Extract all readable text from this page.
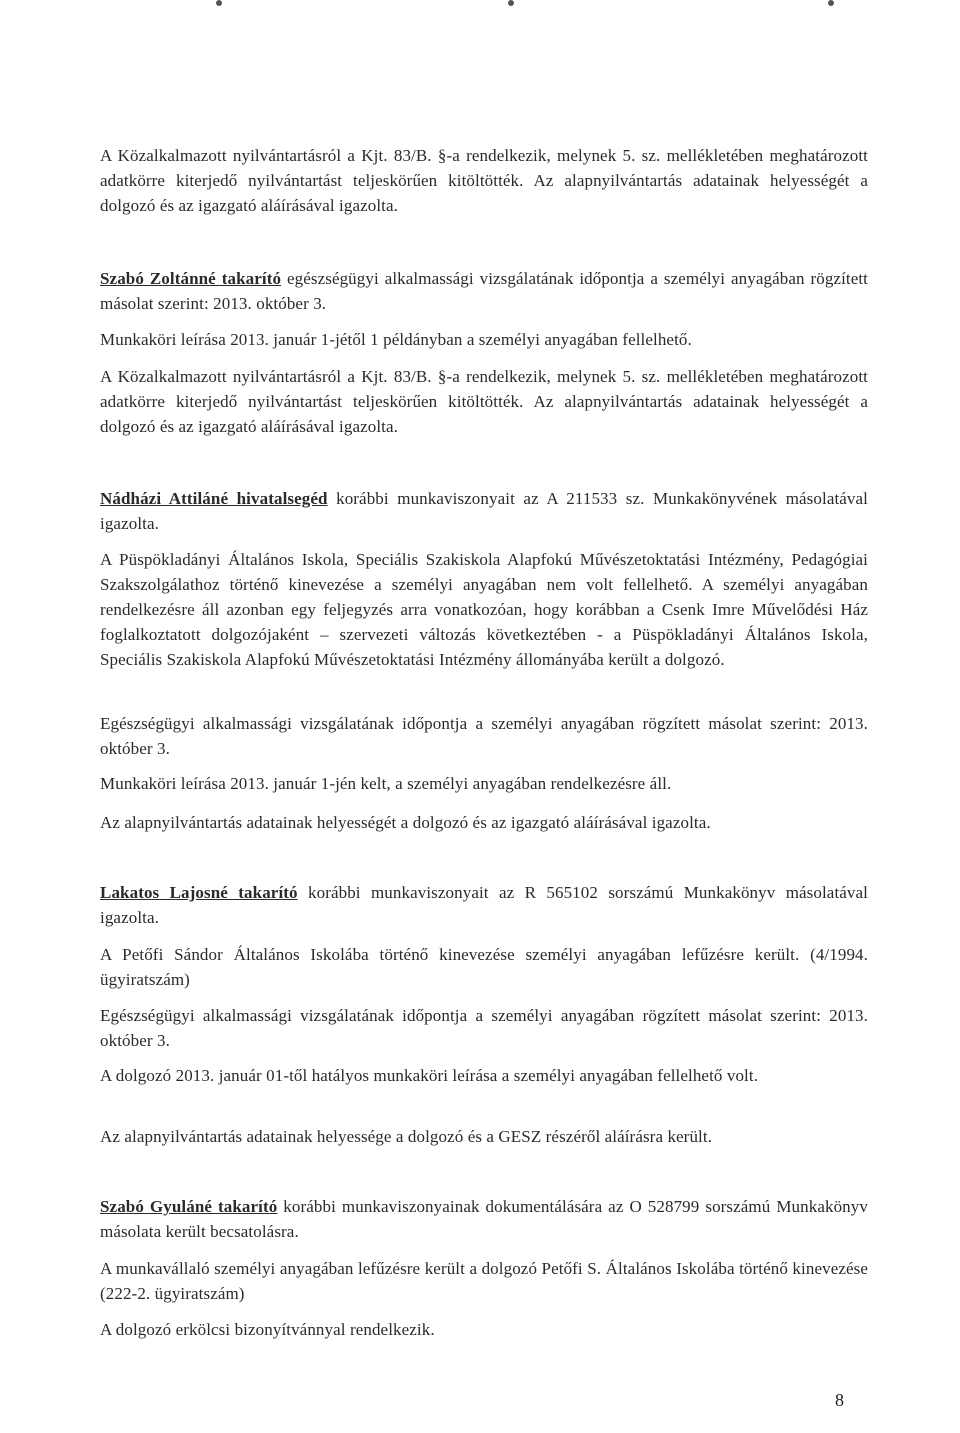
A Közalkalmazott nyilvántartásról a Kjt. 83/B. §-a rendelkezik, melynek 5. sz. mellékletében meghatározott adatkörre kiterjedő nyilvántartást teljeskörűen kitöltötték. Az alapnyilvántartás adatainak helyességét a dolgozó és az igazgató aláírásával igazolta.

Szabó Zoltánné takarító egészségügyi alkalmassági vizsgálatának időpontja a személyi anyagában rögzített másolat szerint: 2013. október 3.

Munkaköri leírása 2013. január 1-jétől 1 példányban a személyi anyagában fellelhető.

A Közalkalmazott nyilvántartásról a Kjt. 83/B. §-a rendelkezik, melynek 5. sz. mellékletében meghatározott adatkörre kiterjedő nyilvántartást teljeskörűen kitöltötték. Az alapnyilvántartás adatainak helyességét a dolgozó és az igazgató aláírásával igazolta.

Nádházi Attiláné hivatalsegéd korábbi munkaviszonyait az A 211533 sz. Munkakönyvének másolatával igazolta.

A Püspökladányi Általános Iskola, Speciális Szakiskola Alapfokú Művészetoktatási Intézmény, Pedagógiai Szakszolgálathoz történő kinevezése a személyi anyagában nem volt fellelhető. A személyi anyagában rendelkezésre áll azonban egy feljegyzés arra vonatkozóan, hogy korábban a Csenk Imre Művelődési Ház foglalkoztatott dolgozójaként – szervezeti változás következtében - a Püspökladányi Általános Iskola, Speciális Szakiskola Alapfokú Művészetoktatási Intézmény állományába került a dolgozó.

Egészségügyi alkalmassági vizsgálatának időpontja a személyi anyagában rögzített másolat szerint: 2013. október 3.

Munkaköri leírása 2013. január 1-jén kelt, a személyi anyagában rendelkezésre áll.

Az alapnyilvántartás adatainak helyességét a dolgozó és az igazgató aláírásával igazolta.

Lakatos Lajosné takarító korábbi munkaviszonyait az R 565102 sorszámú Munkakönyv másolatával igazolta.

A Petőfi Sándor Általános Iskolába történő kinevezése személyi anyagában lefűzésre került. (4/1994. ügyiratszám)

Egészségügyi alkalmassági vizsgálatának időpontja a személyi anyagában rögzített másolat szerint: 2013. október 3.

A dolgozó 2013. január 01-től hatályos munkaköri leírása a személyi anyagában fellelhető volt.

Az alapnyilvántartás adatainak helyessége a dolgozó és a GESZ részéről aláírásra került.

Szabó Gyuláné takarító korábbi munkaviszonyainak dokumentálására az O 528799 sorszámú Munkakönyv másolata került becsatolásra.

A munkavállaló személyi anyagában lefűzésre került a dolgozó Petőfi S. Általános Iskolába történő kinevezése (222-2. ügyiratszám)

A dolgozó erkölcsi bizonyítvánnyal rendelkezik.

8
